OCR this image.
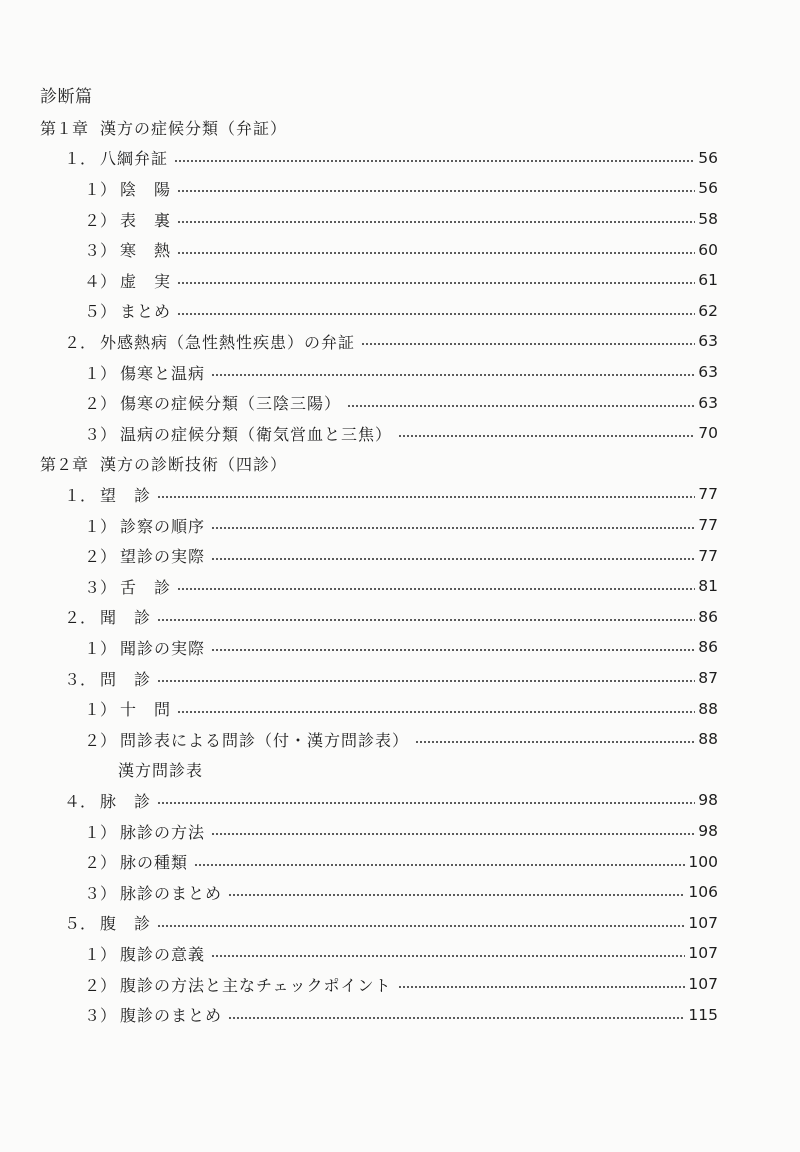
診断篇
第１章 漢方の症候分類（弁証）
１． 八綱弁証	56
１） 陰　陽	56
２） 表　裏	58
３） 寒　熱	60
４） 虚　実	61
５） まとめ	62
２． 外感熱病（急性熱性疾患）の弁証	63
１） 傷寒と温病	63
２） 傷寒の症候分類（三陰三陽）	63
３） 温病の症候分類（衛気営血と三焦）	70
第２章 漢方の診断技術（四診）
１． 望　診	77
１） 診察の順序	77
２） 望診の実際	77
３） 舌　診	81
２． 聞　診	86
１） 聞診の実際	86
３． 問　診	87
１） 十　問	88
２） 問診表による問診（付・漢方問診表）	88
漢方問診表
４． 脉　診	98
１） 脉診の方法	98
２） 脉の種類	100
３） 脉診のまとめ	106
５． 腹　診	107
１） 腹診の意義	107
２） 腹診の方法と主なチェックポイント	107
３） 腹診のまとめ	115
